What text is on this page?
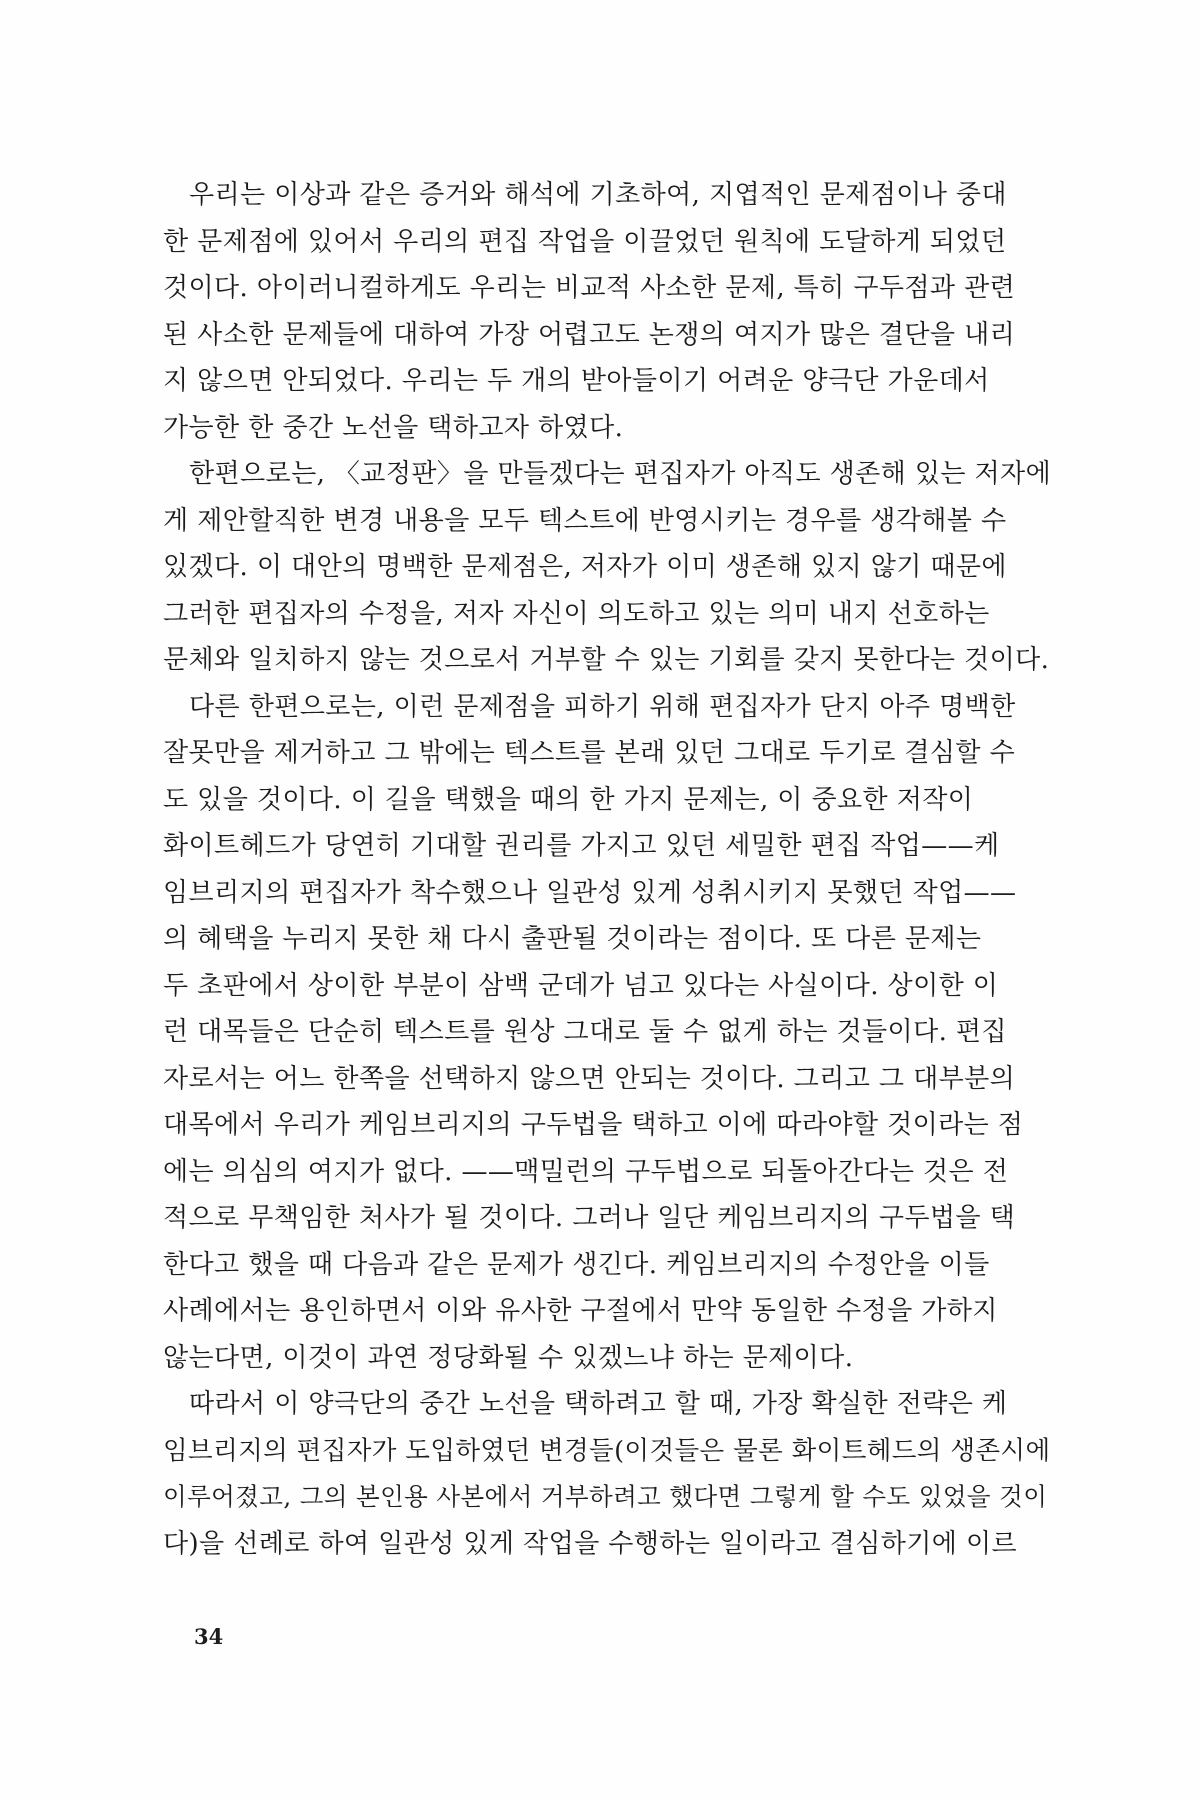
우리는 이상과 같은 증거와 해석에 기초하여, 지엽적인 문제점이나 중대

한 문제점에 있어서 우리의 편집 작업을 이끌었던 원칙에 도달하게 되었던

것이다. 아이러니컬하게도 우리는 비교적 사소한 문제, 특히 구두점과 관련

된 사소한 문제들에 대하여 가장 어렵고도 논쟁의 여지가 많은 결단을 내리

지 않으면 안되었다. 우리는 두 개의 받아들이기 어려운 양극단 가운데서

가능한 한 중간 노선을 택하고자 하였다.

한편으로는, 〈교정판〉을 만들겠다는 편집자가 아직도 생존해 있는 저자에

게 제안할직한 변경 내용을 모두 텍스트에 반영시키는 경우를 생각해볼 수

있겠다. 이 대안의 명백한 문제점은, 저자가 이미 생존해 있지 않기 때문에

그러한 편집자의 수정을, 저자 자신이 의도하고 있는 의미 내지 선호하는

문체와 일치하지 않는 것으로서 거부할 수 있는 기회를 갖지 못한다는 것이다.

다른 한편으로는, 이런 문제점을 피하기 위해 편집자가 단지 아주 명백한

잘못만을 제거하고 그 밖에는 텍스트를 본래 있던 그대로 두기로 결심할 수

도 있을 것이다. 이 길을 택했을 때의 한 가지 문제는, 이 중요한 저작이

화이트헤드가 당연히 기대할 권리를 가지고 있던 세밀한 편집 작업——케

임브리지의 편집자가 착수했으나 일관성 있게 성취시키지 못했던 작업——

의 혜택을 누리지 못한 채 다시 출판될 것이라는 점이다. 또 다른 문제는

두 초판에서 상이한 부분이 삼백 군데가 넘고 있다는 사실이다. 상이한 이

런 대목들은 단순히 텍스트를 원상 그대로 둘 수 없게 하는 것들이다. 편집

자로서는 어느 한쪽을 선택하지 않으면 안되는 것이다. 그리고 그 대부분의

대목에서 우리가 케임브리지의 구두법을 택하고 이에 따라야할 것이라는 점

에는 의심의 여지가 없다. ——맥밀런의 구두법으로 되돌아간다는 것은 전

적으로 무책임한 처사가 될 것이다. 그러나 일단 케임브리지의 구두법을 택

한다고 했을 때 다음과 같은 문제가 생긴다. 케임브리지의 수정안을 이들

사례에서는 용인하면서 이와 유사한 구절에서 만약 동일한 수정을 가하지

않는다면, 이것이 과연 정당화될 수 있겠느냐 하는 문제이다.

따라서 이 양극단의 중간 노선을 택하려고 할 때, 가장 확실한 전략은 케

임브리지의 편집자가 도입하였던 변경들(이것들은 물론 화이트헤드의 생존시에

이루어졌고, 그의 본인용 사본에서 거부하려고 했다면 그렇게 할 수도 있었을 것이

다)을 선례로 하여 일관성 있게 작업을 수행하는 일이라고 결심하기에 이르

34
